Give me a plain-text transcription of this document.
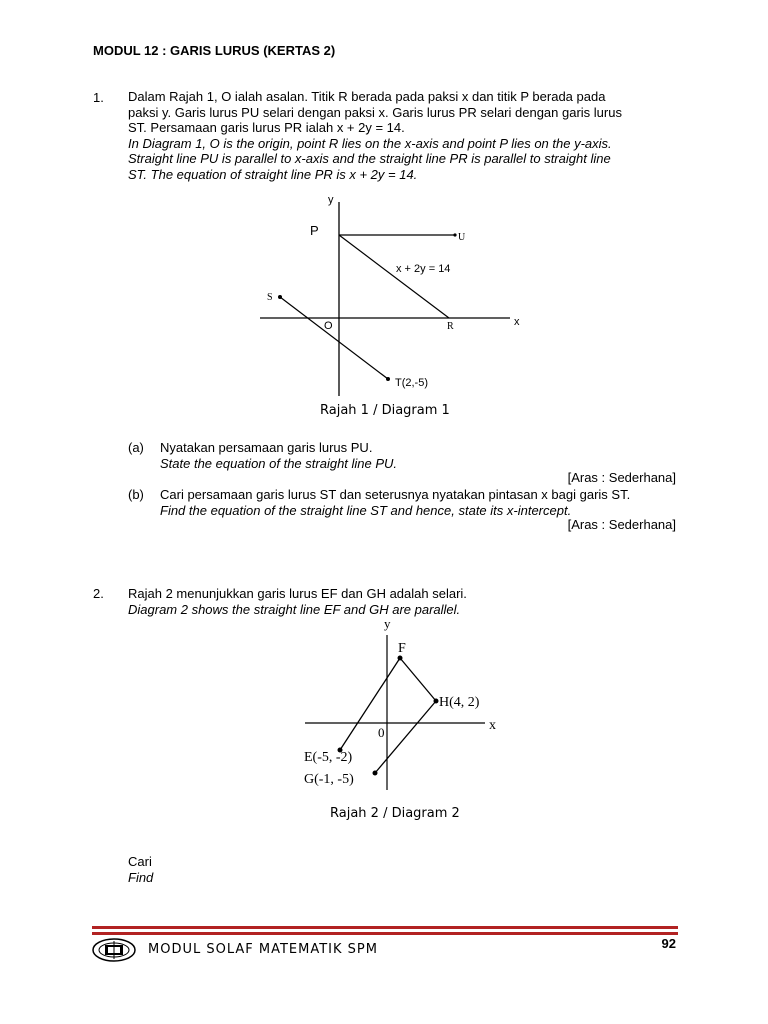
MODUL 12 : GARIS LURUS (KERTAS 2)
1. Dalam Rajah 1, O ialah asalan. Titik R berada pada paksi x dan titik P berada pada
paksi y. Garis lurus PU selari dengan paksi x. Garis lurus PR selari dengan garis lurus
ST. Persamaan garis lurus PR ialah x + 2y = 14.
In Diagram 1, O is the origin, point R lies on the x-axis and point P lies on the y-axis.
Straight line PU is parallel to x-axis and the straight line PR is parallel to straight line
ST. The equation of straight line PR is x + 2y = 14.
y
P	U
x + 2y = 14
S
O	R	x
T(2,-5)
Rajah 1 / Diagram 1
(a) Nyatakan persamaan garis lurus PU.
State the equation of the straight line PU.
[Aras : Sederhana]
(b) Cari persamaan garis lurus ST dan seterusnya nyatakan pintasan x bagi garis ST.
Find the equation of the straight line ST and hence, state its x-intercept.
[Aras : Sederhana]
2. Rajah 2 menunjukkan garis lurus EF dan GH adalah selari.
Diagram 2 shows the straight line EF and GH are parallel.
y
F
H(4, 2)
x
0
E(-5, -2)
G(-1, -5)
Rajah 2 / Diagram 2
Cari
Find
MODUL SOLAF MATEMATIK SPM	92
